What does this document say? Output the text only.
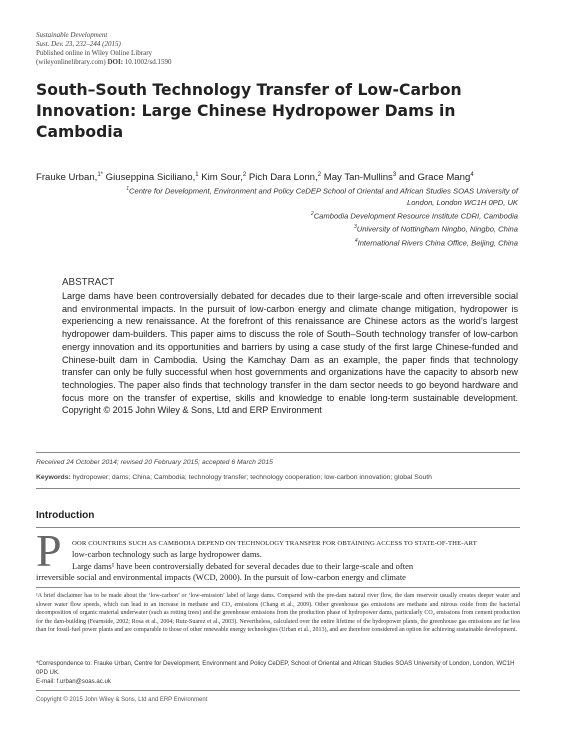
Sustainable Development
Sust. Dev. 23, 232–244 (2015)
Published online in Wiley Online Library
(wileyonlinelibrary.com) DOI: 10.1002/sd.1590
South–South Technology Transfer of Low-Carbon Innovation: Large Chinese Hydropower Dams in Cambodia
Frauke Urban,$^{1*}$ Giuseppina Siciliano,$^1$ Kim Sour,$^2$ Pich Dara Lonn,$^2$ May Tan-Mullins$^3$ and Grace Mang$^4$
$^1$Centre for Development, Environment and Policy CeDEP School of Oriental and African Studies SOAS University of
London, London WC1H 0PD, UK
$^2$Cambodia Development Resource Institute CDRI, Cambodia
$^3$University of Nottingham Ningbo, Ningbo, China
$^4$International Rivers China Office, Beijing, China
ABSTRACT
Large dams have been controversially debated for decades due to their large-scale and often irreversible social and environmental impacts. In the pursuit of low-carbon energy and climate change mitigation, hydropower is experiencing a new renaissance. At the forefront of this renaissance are Chinese actors as the world’s largest hydropower dam-builders. This paper aims to discuss the role of South–South technology transfer of low-carbon energy innovation and its opportunities and barriers by using a case study of the first large Chinese-funded and Chinese-built dam in Cambodia. Using the Kamchay Dam as an example, the paper finds that technology transfer can only be fully successful when host governments and organizations have the capacity to absorb new technologies. The paper also finds that technology transfer in the dam sector needs to go beyond hardware and focus more on the transfer of expertise, skills and knowledge to enable long-term sustainable development. Copyright © 2015 John Wiley & Sons, Ltd and ERP Environment
Received 24 October 2014; revised 20 February 2015; accepted 6 March 2015
Keywords: hydropower; dams; China; Cambodia; technology transfer; technology cooperation; low-carbon innovation; global South
Introduction
P OOR COUNTRIES SUCH AS CAMBODIA DEPEND ON TECHNOLOGY TRANSFER FOR OBTAINING ACCESS TO STATE-OF-THE-ART
low-carbon technology such as large hydropower dams.
Large dams¹ have been controversially debated for several decades due to their large-scale and often
irreversible social and environmental impacts (WCD, 2000). In the pursuit of low-carbon energy and climate
¹A brief disclaimer has to be made about the ‘low-carbon’ or ‘low-emission’ label of large dams. Compared with the pre-dam natural river flow, the dam reservoir usually creates deeper water and slower water flow speeds, which can lead to an increase in methane and CO₂ emissions (Chang et al., 2009). Other greenhouse gas emissions are methane and nitrous oxide from the bacterial decomposition of organic material underwater (such as rotting trees) and the greenhouse emissions from the production phase of hydropower dams, particularly CO₂ emissions from cement production for the dam-building (Fearnside, 2002; Rosa et al., 2004; Ruiz-Suarez et al., 2003). Nevertheless, calculated over the entire lifetime of the hydropower plants, the greenhouse gas emissions are far less than for fossil-fuel power plants and are comparable to those of other renewable energy technologies (Urban et al., 2013), and are therefore considered an option for achieving sustainable development.
*Correspondence to: Frauke Urban, Centre for Development, Environment and Policy CeDEP, School of Oriental and African Studies SOAS University of London, London, WC1H 0PD UK.
E-mail: f.urban@soas.ac.uk
Copyright © 2015 John Wiley & Sons, Ltd and ERP Environment
